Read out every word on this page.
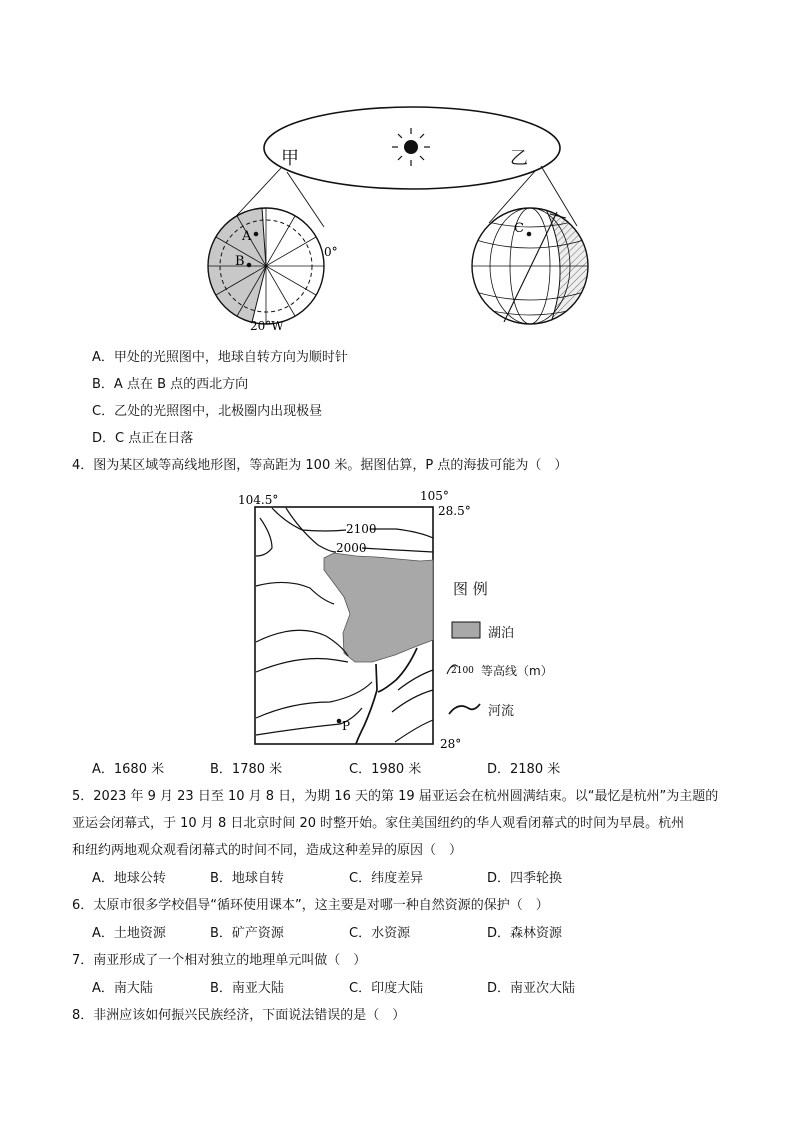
A
B
0°
20°W
C
甲	乙
A．甲处的光照图中，地球自转方向为顺时针
B．A 点在 B 点的西北方向
C．乙处的光照图中，北极圈内出现极昼
D．C 点正在日落
4．图为某区域等高线地形图，等高距为 100 米。据图估算，P 点的海拔可能为（　）
104.5°	105°
28.5°
28°
2100
2000
P
2100
图 例
湖泊
等高线（m）
河流
A．1680 米	B．1780 米	C．1980 米	D．2180 米
5．2023 年 9 月 23 日至 10 月 8 日，为期 16 天的第 19 届亚运会在杭州圆满结束。以“最忆是杭州”为主题的
亚运会闭幕式，于 10 月 8 日北京时间 20 时整开始。家住美国纽约的华人观看闭幕式的时间为早晨。杭州
和纽约两地观众观看闭幕式的时间不同，造成这种差异的原因（　）
A．地球公转	B．地球自转	C．纬度差异	D．四季轮换
6．太原市很多学校倡导“循环使用课本”，这主要是对哪一种自然资源的保护（　）
A．土地资源	B．矿产资源	C．水资源	D．森林资源
7．南亚形成了一个相对独立的地理单元叫做（　）
A．南大陆	B．南亚大陆	C．印度大陆	D．南亚次大陆
8．非洲应该如何振兴民族经济，下面说法错误的是（　）
